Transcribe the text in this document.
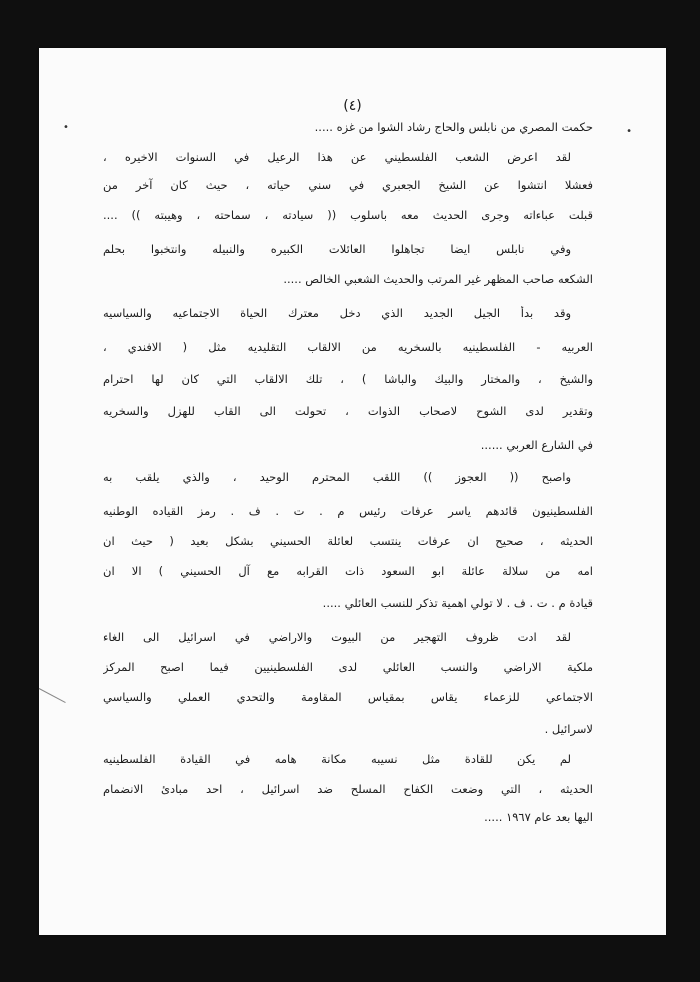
(٤)
حكمت المصري من نابلس والحاج رشاد الشوا من غزه .....
لقد اعرض الشعب الفلسطيني عن هذا الرعيل في السنوات الاخيره ،
فعشلا انتشوا عن الشيخ الجعبري في سني حياته ، حيث كان آخر من
قبلت عباءاته وجرى الحديث معه باسلوب (( سيادته ، سماحته ، وهيبته )) ....
وفي نابلس ايضا تجاهلوا العائلات الكبيره والنبيله وانتخبوا بحلم
الشكعه صاحب المظهر غير المرتب والحديث الشعبي الخالص .....
وقد بدأ الجيل الجديد الذي دخل معترك الحياة الاجتماعيه والسياسيه
العربيه - الفلسطينيه بالسخريه من الالقاب التقليديه مثل ( الافندي ،
والشيخ ، والمختار والبيك والباشا ) ، تلك الالقاب التي كان لها احترام
وتقدير لدى الشوح لاصحاب الذوات ، تحولت الى القاب للهزل والسخريه
في الشارع العربي ......
واصبح (( العجوز )) اللقب المحترم الوحيد ، والذي يلقب به
الفلسطينيون قائدهم ياسر عرفات رئيس م . ت . ف . رمز القياده الوطنيه
الحديثه ، صحيح ان عرفات ينتسب لعائلة الحسيني بشكل بعيد ( حيث ان
امه من سلالة عائلة ابو السعود ذات القرابه مع آل الحسيني ) الا ان
قيادة م . ت . ف . لا تولي اهمية تذكر للنسب العائلي .....
لقد ادت ظروف التهجير من البيوت والاراضي في اسرائيل الى الغاء
ملكية الاراضي والنسب العائلي لدى الفلسطينيين فيما اصبح المركز
الاجتماعي للزعماء يقاس بمقياس المقاومة والتحدي العملي والسياسي
لاسرائيل .
لم يكن للقادة مثل نسيبه مكانة هامه في القيادة الفلسطينيه
الحديثه ، التي وضعت الكفاح المسلح ضد اسرائيل ، احد مبادئ الانضمام
اليها بعد عام ١٩٦٧ .....
•	•
